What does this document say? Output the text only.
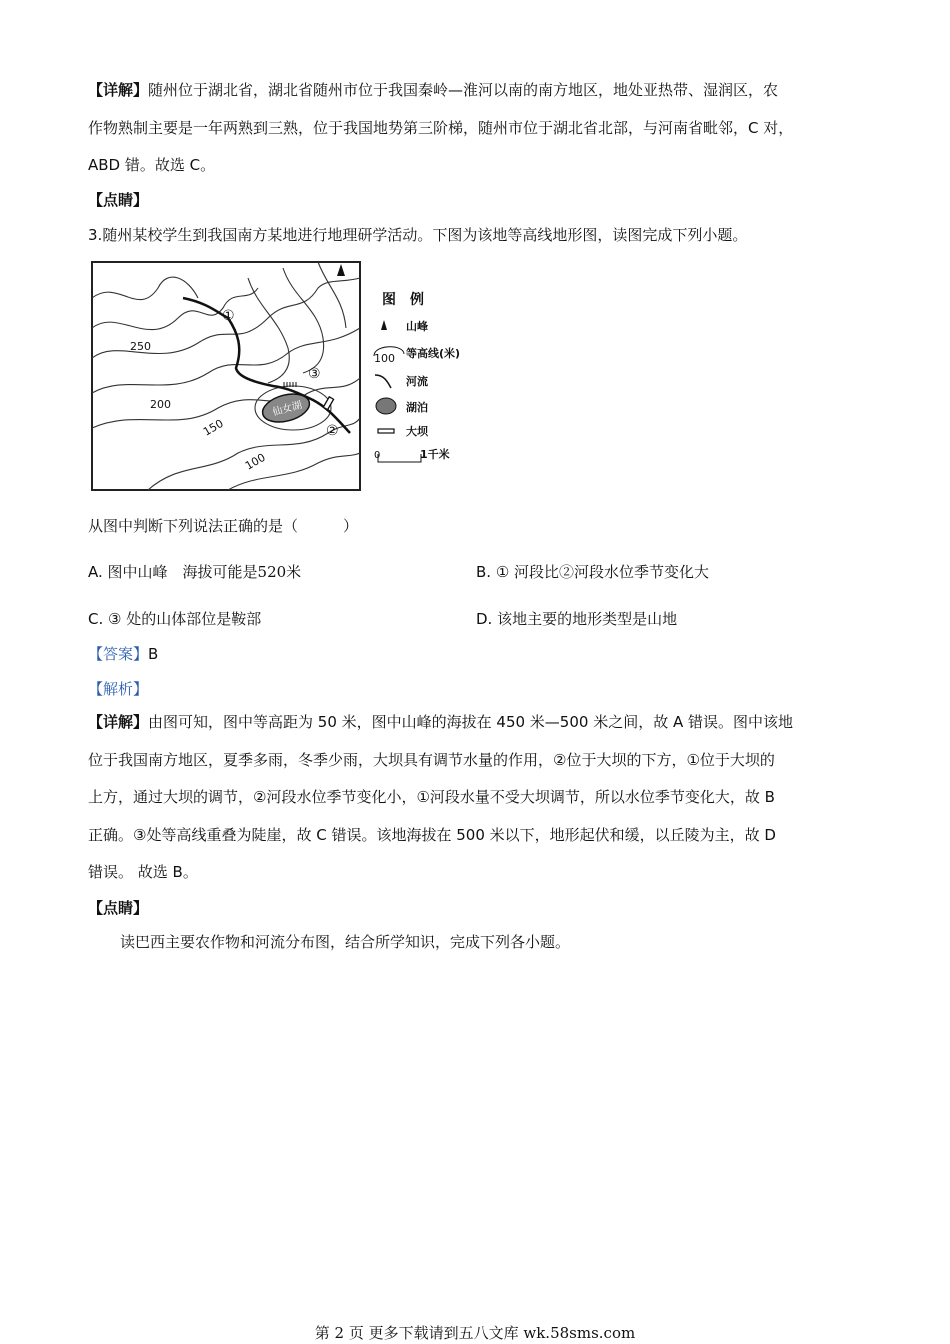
【详解】随州位于湖北省，湖北省随州市位于我国秦岭—淮河以南的南方地区，地处亚热带、湿润区，农
作物熟制主要是一年两熟到三熟，位于我国地势第三阶梯，随州市位于湖北省北部，与河南省毗邻，C 对，
ABD 错。故选 C。
【点睛】
3.随州某校学生到我国南方某地进行地理研学活动。下图为该地等高线地形图，读图完成下列小题。
250
200
150
100
仙女湖
①
②
③
图　例
山峰
100 等高线(米)
河流
湖泊
大坝
0	1千米
从图中判断下列说法正确的是（　　　）
A. 图中山峰　海拔可能是520米	B. ① 河段比②河段水位季节变化大
C. ③ 处的山体部位是鞍部	D. 该地主要的地形类型是山地
【答案】B
【解析】
【详解】由图可知，图中等高距为 50 米，图中山峰的海拔在 450 米—500 米之间，故 A 错误。图中该地
位于我国南方地区，夏季多雨，冬季少雨，大坝具有调节水量的作用，②位于大坝的下方，①位于大坝的
上方，通过大坝的调节，②河段水位季节变化小，①河段水量不受大坝调节，所以水位季节变化大，故 B
正确。③处等高线重叠为陡崖，故 C 错误。该地海拔在 500 米以下，地形起伏和缓，以丘陵为主，故 D
错误。 故选 B。
【点睛】
读巴西主要农作物和河流分布图，结合所学知识，完成下列各小题。
第 2 页 更多下载请到五八文库 wk.58sms.com
